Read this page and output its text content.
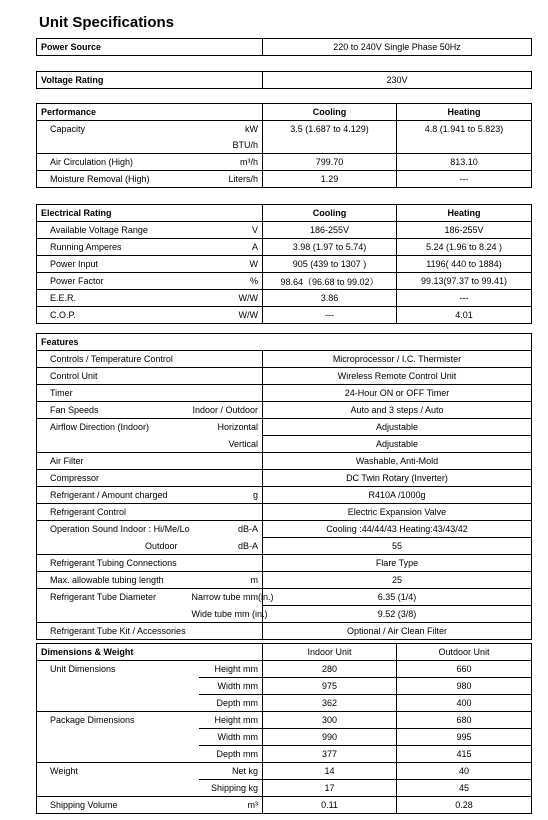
Unit Specifications
Power Source	220 to 240V Single Phase 50Hz
Voltage Rating	230V
Performance		Cooling	Heating
Capacity	kW	3.5 (1.687 to 4.129)	4.8 (1.941 to 5.823)
	BTU/h		
Air Circulation (High)	m³/h	799.70	813.10
Moisture Removal (High)	Liters/h	1.29	---
Electrical Rating		Cooling	Heating
Available Voltage Range	V	186-255V	186-255V
Running Amperes	A	3.98 (1.97 to 5.74)	5.24 (1.96 to 8.24 )
Power Input	W	905 (439 to 1307 )	1196( 440 to 1884)
Power Factor	%	98.64（96.68 to 99.02）	99.13(97.37 to 99.41)
E.E.R.	W/W	3.86	---
C.O.P.	W/W	---	4.01
Features		
Controls / Temperature Control		Microprocessor / I.C. Thermister
Control Unit		Wireless Remote Control Unit
Timer		24-Hour ON or OFF Timer
Fan Speeds	Indoor / Outdoor	Auto and 3 steps / Auto
Airflow Direction (Indoor)	Horizontal	Adjustable
	Vertical	Adjustable
Air Filter		Washable, Anti-Mold
Compressor		DC Twin Rotary (Inverter)
Refrigerant / Amount charged	g	R410A /1000g
Refrigerant Control		Electric Expansion Valve
Operation Sound Indoor : Hi/Me/Lo	dB-A	Cooling :44/44/43 Heating:43/43/42
Outdoor	dB-A	55
Refrigerant Tubing Connections		Flare Type
Max. allowable tubing length	m	25
Refrigerant Tube Diameter	Narrow tube mm(in.)	6.35 (1/4)
	Wide tube mm (in.)	9.52 (3/8)
Refrigerant Tube Kit / Accessories		Optional / Air Clean Filter
Dimensions & Weight		Indoor Unit	Outdoor Unit
Unit Dimensions	Height mm	280	660
	Width mm	975	980
	Depth mm	362	400
Package Dimensions	Height mm	300	680
	Width mm	990	995
	Depth mm	377	415
Weight	Net kg	14	40
	Shipping kg	17	45
Shipping Volume	m³	0.11	0.28
